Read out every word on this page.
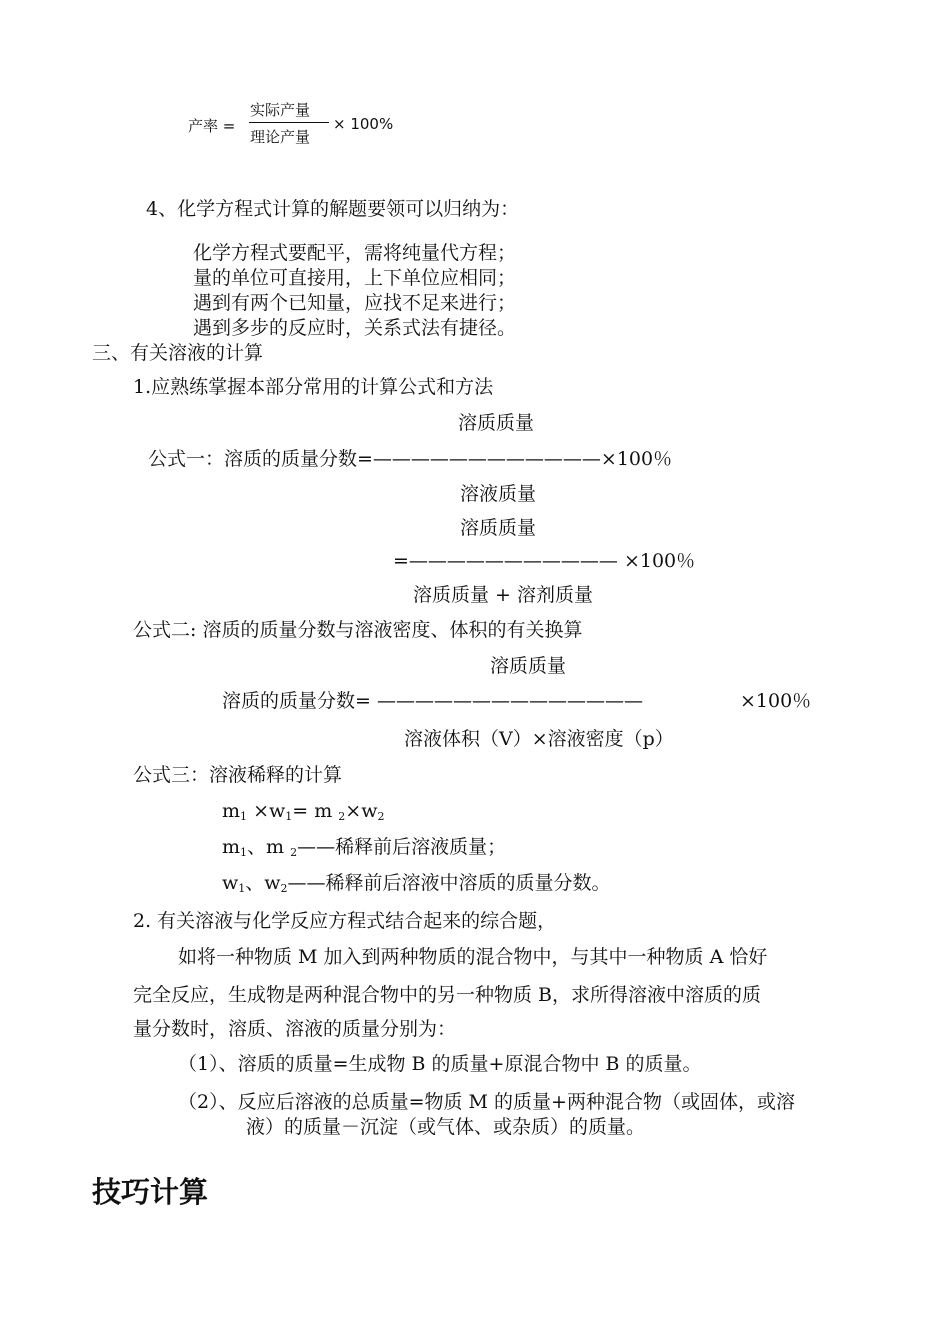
产率 =
实际产量
理论产量
× 100%
4、化学方程式计算的解题要领可以归纳为：
化学方程式要配平，需将纯量代方程；
量的单位可直接用，上下单位应相同；
遇到有两个已知量，应找不足来进行；
遇到多步的反应时，关系式法有捷径。
三、有关溶液的计算
1.应熟练掌握本部分常用的计算公式和方法
溶质质量
公式一：溶质的质量分数=————————————×100％
溶液质量
溶质质量
=——————————— ×100％
溶质质量 + 溶剂质量
公式二: 溶质的质量分数与溶液密度、体积的有关换算
溶质质量
溶质的质量分数= ——————————————	×100％
溶液体积（V）×溶液密度（p）
公式三：溶液稀释的计算
$m_1 \times w_1= m$ $_2\times w_2$
$m_1$、m $_2$——稀释前后溶液质量；
$w_1$、$w_2——$稀释前后溶液中溶质的质量分数。
2. 有关溶液与化学反应方程式结合起来的综合题，
如将一种物质 M 加入到两种物质的混合物中，与其中一种物质 A 恰好
完全反应，生成物是两种混合物中的另一种物质 B，求所得溶液中溶质的质
量分数时，溶质、溶液的质量分别为：
（1）、溶质的质量=生成物 B 的质量+原混合物中 B 的质量。
（2）、反应后溶液的总质量=物质 M 的质量+两种混合物（或固体，或溶
液）的质量－沉淀（或气体、或杂质）的质量。
技巧计算
